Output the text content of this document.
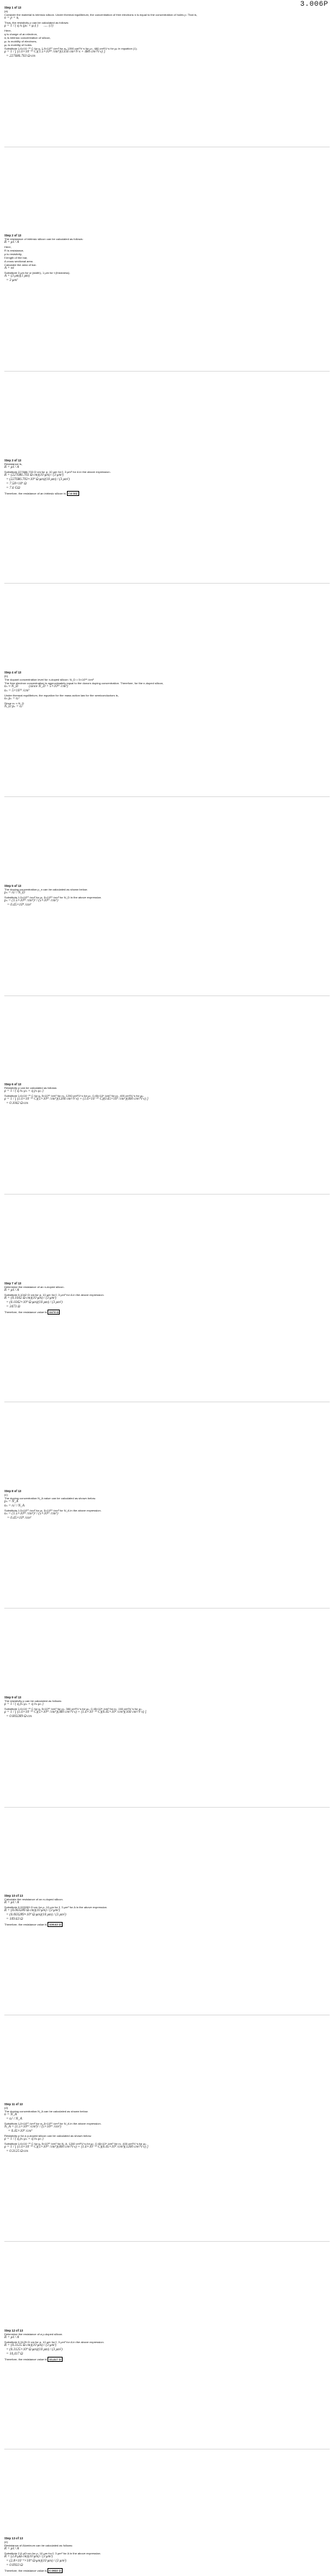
3.006P
Step 1 of 13
(a)
Consider the material is intrinsic silicon. Under thermal equilibrium, the concentration of free electrons n is equal to the concentration of holes p. That is,
n = p = nᵢ
Thus, the resistivity ρ can be calculated as follows:
ρ = 1 / ( q nᵢ (μₙ + μₚ) )      ..... (1)
Here,
q is charge of an electron,
nᵢ is intrinsic concentration of silicon,
μₙ is mobility of electrons,
μₚ is mobility of holes.
Substitute 1.6×10⁻¹⁹ C for q, 1.5×10¹⁰ /cm³ for nᵢ, 1350 cm²/V·s for μₙ, 480 cm²/V·s for μₚ in equation (1).
ρ = 1 / [ (1.6×10⁻¹⁹ C)(1.5×10¹⁰ /cm³)(1350 cm²/V·s + 480 cm²/V·s) ]
= 227686.703 Ω·cm
Step 2 of 13
The resistance of intrinsic silicon can be calculated as follows:
R = ρℓ / A
Here,
R is resistance,
ρ is resistivity,
ℓ length of the bar,
A cross sectional area.
Calculate the area of bar.
A = wt
Substitute 3 μm for w (width), 1 μm for t (thickness).
A = (3 μm)(1 μm)
= 3 μm²
Step 3 of 13
Resistance is,
R = ρℓ / A
Substitute 227686.703 Ω·cm for ρ, 10 μm for ℓ, 3 μm² for A in the above expression.
R = (227686.703 Ω·cm)(10 μm) / (3 μm²)
= (227686.703×10⁴ Ω·μm)(10 μm) / (3 μm²)
= 7.58×10⁹ Ω
= 7.6 GΩ
Therefore, the resistance of an intrinsic silicon is 7.6 GΩ
Step 4 of 13
(b)
The dopant concentration level for n-doped silicon: N_D = 5×10¹⁶ /cm³
The free electron concentration is approximately equal to the donors doping concentration. Therefore, for the n-doped silicon,
nₙ ≈ N_D            (since N_D = 5×10¹⁶ /cm³)
nₙ = 5×10¹⁶ /cm³
Under thermal equilibrium, the equation for the mass action law for the semiconductors is,
nₙ pₙ = nᵢ²
Since nₙ ≈ N_D
N_D pₙ = nᵢ²
Step 5 of 13
The doping concentration p_n can be calculated as shown below.
pₙ = nᵢ² / N_D
Substitute 1.5×10¹⁰ /cm³ for nᵢ, 5×10¹⁶ /cm³ for N_D in the above expression.
pₙ = (1.5×10¹⁰ /cm³)² / (5×10¹⁶ /cm³)
= 0.45×10⁴ /cm³
Step 6 of 13
Resistivity ρ can be calculated as follows:
ρ = 1 / ( q nₙ μₙ + q pₙ μₚ )
Substitute 1.6×10⁻¹⁹ C for q, 5×10¹⁶ /cm³ for nₙ, 1200 cm²/V·s for μₙ, 0.45×10⁴ /cm³ for pₙ, 400 cm²/V·s for μₚ.
ρ = 1 / [ (1.6×10⁻¹⁹ C)(5×10¹⁶ /cm³)(1200 cm²/V·s) + (1.6×10⁻¹⁹ C)(0.45×10⁴ /cm³)(400 cm²/V·s) ]
= 0.1042 Ω·cm
Step 7 of 13
Determine the resistance of an n-doped silicon.
R = ρℓ / A
Substitute 0.1042 Ω·cm for ρ, 10 μm for ℓ, 3 μm² for A in the above expression.
R = (0.1042 Ω·cm)(10 μm) / (3 μm²)
= (0.1042×10⁴ Ω·μm)(10 μm) / (3 μm²)
= 3473 Ω
Therefore, the resistance value is 3473 Ω
Step 8 of 13
(c)
The doping concentration N_A value can be calculated as shown below.
pₙ = N_A
nₙ = nᵢ² / N_A
Substitute 1.5×10¹⁰ /cm³ for nᵢ, 5×10¹⁶ /cm³ for N_A in the above expression.
nₙ = (1.5×10¹⁰ /cm³)² / (5×10¹⁶ /cm³)
= 0.45×10⁴ /cm³
Step 9 of 13
The resistivity ρ can be calculated as follows:
ρ = 1 / ( q pₙ μₚ + q nₙ μₙ )
Substitute 1.6×10⁻¹⁹ C for q, 5×10¹⁶ /cm³ for pₙ, 380 cm²/V·s for μₚ, 0.45×10⁴ /cm³ for nₙ, 160 cm²/V·s for μₙ.
ρ = 1 / [ (1.6×10⁻¹⁹ C)(5×10¹⁶ /cm³)(380 cm²/V·s) + (1.6×10⁻¹⁹ C)(0.45×10⁴ /cm³)(160 cm²/V·s) ]
= 0.003289 Ω·cm
Step 10 of 13
Calculate the resistance of an n-doped silicon.
R = ρℓ / A
Substitute 0.003289 Ω·cm for ρ, 10 μm for ℓ, 3 μm² for A in the above expression.
R = (0.003289 Ω·cm)(10 μm) / (3 μm²)
= (0.003289×10⁴ Ω·μm)(10 μm) / (3 μm²)
= 109.63 Ω
Therefore, the resistance value is 109.63 Ω
Step 11 of 13
(d)
The doping concentration N_A can be calculated as shown below.
n = N_A
= nᵢ² / N_A
Substitute 1.5×10¹⁰ /cm³ for nᵢ, 5×10¹⁶ /cm³ for N_A in the above expression.
N_A = (1.5×10¹⁰ /cm³)² / (5×10¹⁶ /cm³)
= 0.45×10⁴ /cm³
Resistivity ρ for a p-doped silicon can be calculated as shown below.
ρ = 1 / ( q pₙ μₚ + q nₙ μₙ )
Substitute 1.6×10⁻¹⁹ C for q, 5×10¹⁶ /cm³ for N_A, 1200 cm²/V·s for μₙ, 0.45×10⁴ /cm³ for nₙ, 400 cm²/V·s for μₚ.
ρ = 1 / [ (1.6×10⁻¹⁹ C)(5×10¹⁶ /cm³)(400 cm²/V·s) + (1.6×10⁻¹⁹ C)(0.45×10⁴ /cm³)(1200 cm²/V·s) ]
= 0.3125 Ω·cm
Step 12 of 13
Determine the resistance of a p-doped silicon.
R = ρℓ / A
Substitute 0.3125 Ω·cm for ρ, 10 μm for ℓ, 3 μm² for A in the above expression.
R = (0.3125 Ω·cm)(10 μm) / (3 μm²)
= (0.3125×10⁴ Ω·μm)(10 μm) / (3 μm²)
= 10,417 Ω
Therefore, the resistance value is 10,417 Ω
Step 13 of 13
(e)
Resistance of Aluminum can be calculated as follows:
R = ρℓ / A
Substitute 2.8 μΩ·cm for ρ, 10 μm for ℓ, 3 μm² for A in the above expression.
R = (2.8 μΩ·cm)(10 μm) / (3 μm²)
= (2.8×10⁻⁶×10⁴ Ω·μm)(10 μm) / (3 μm²)
= 0.0933 Ω
Therefore, the resistance value is 0.0933 Ω
